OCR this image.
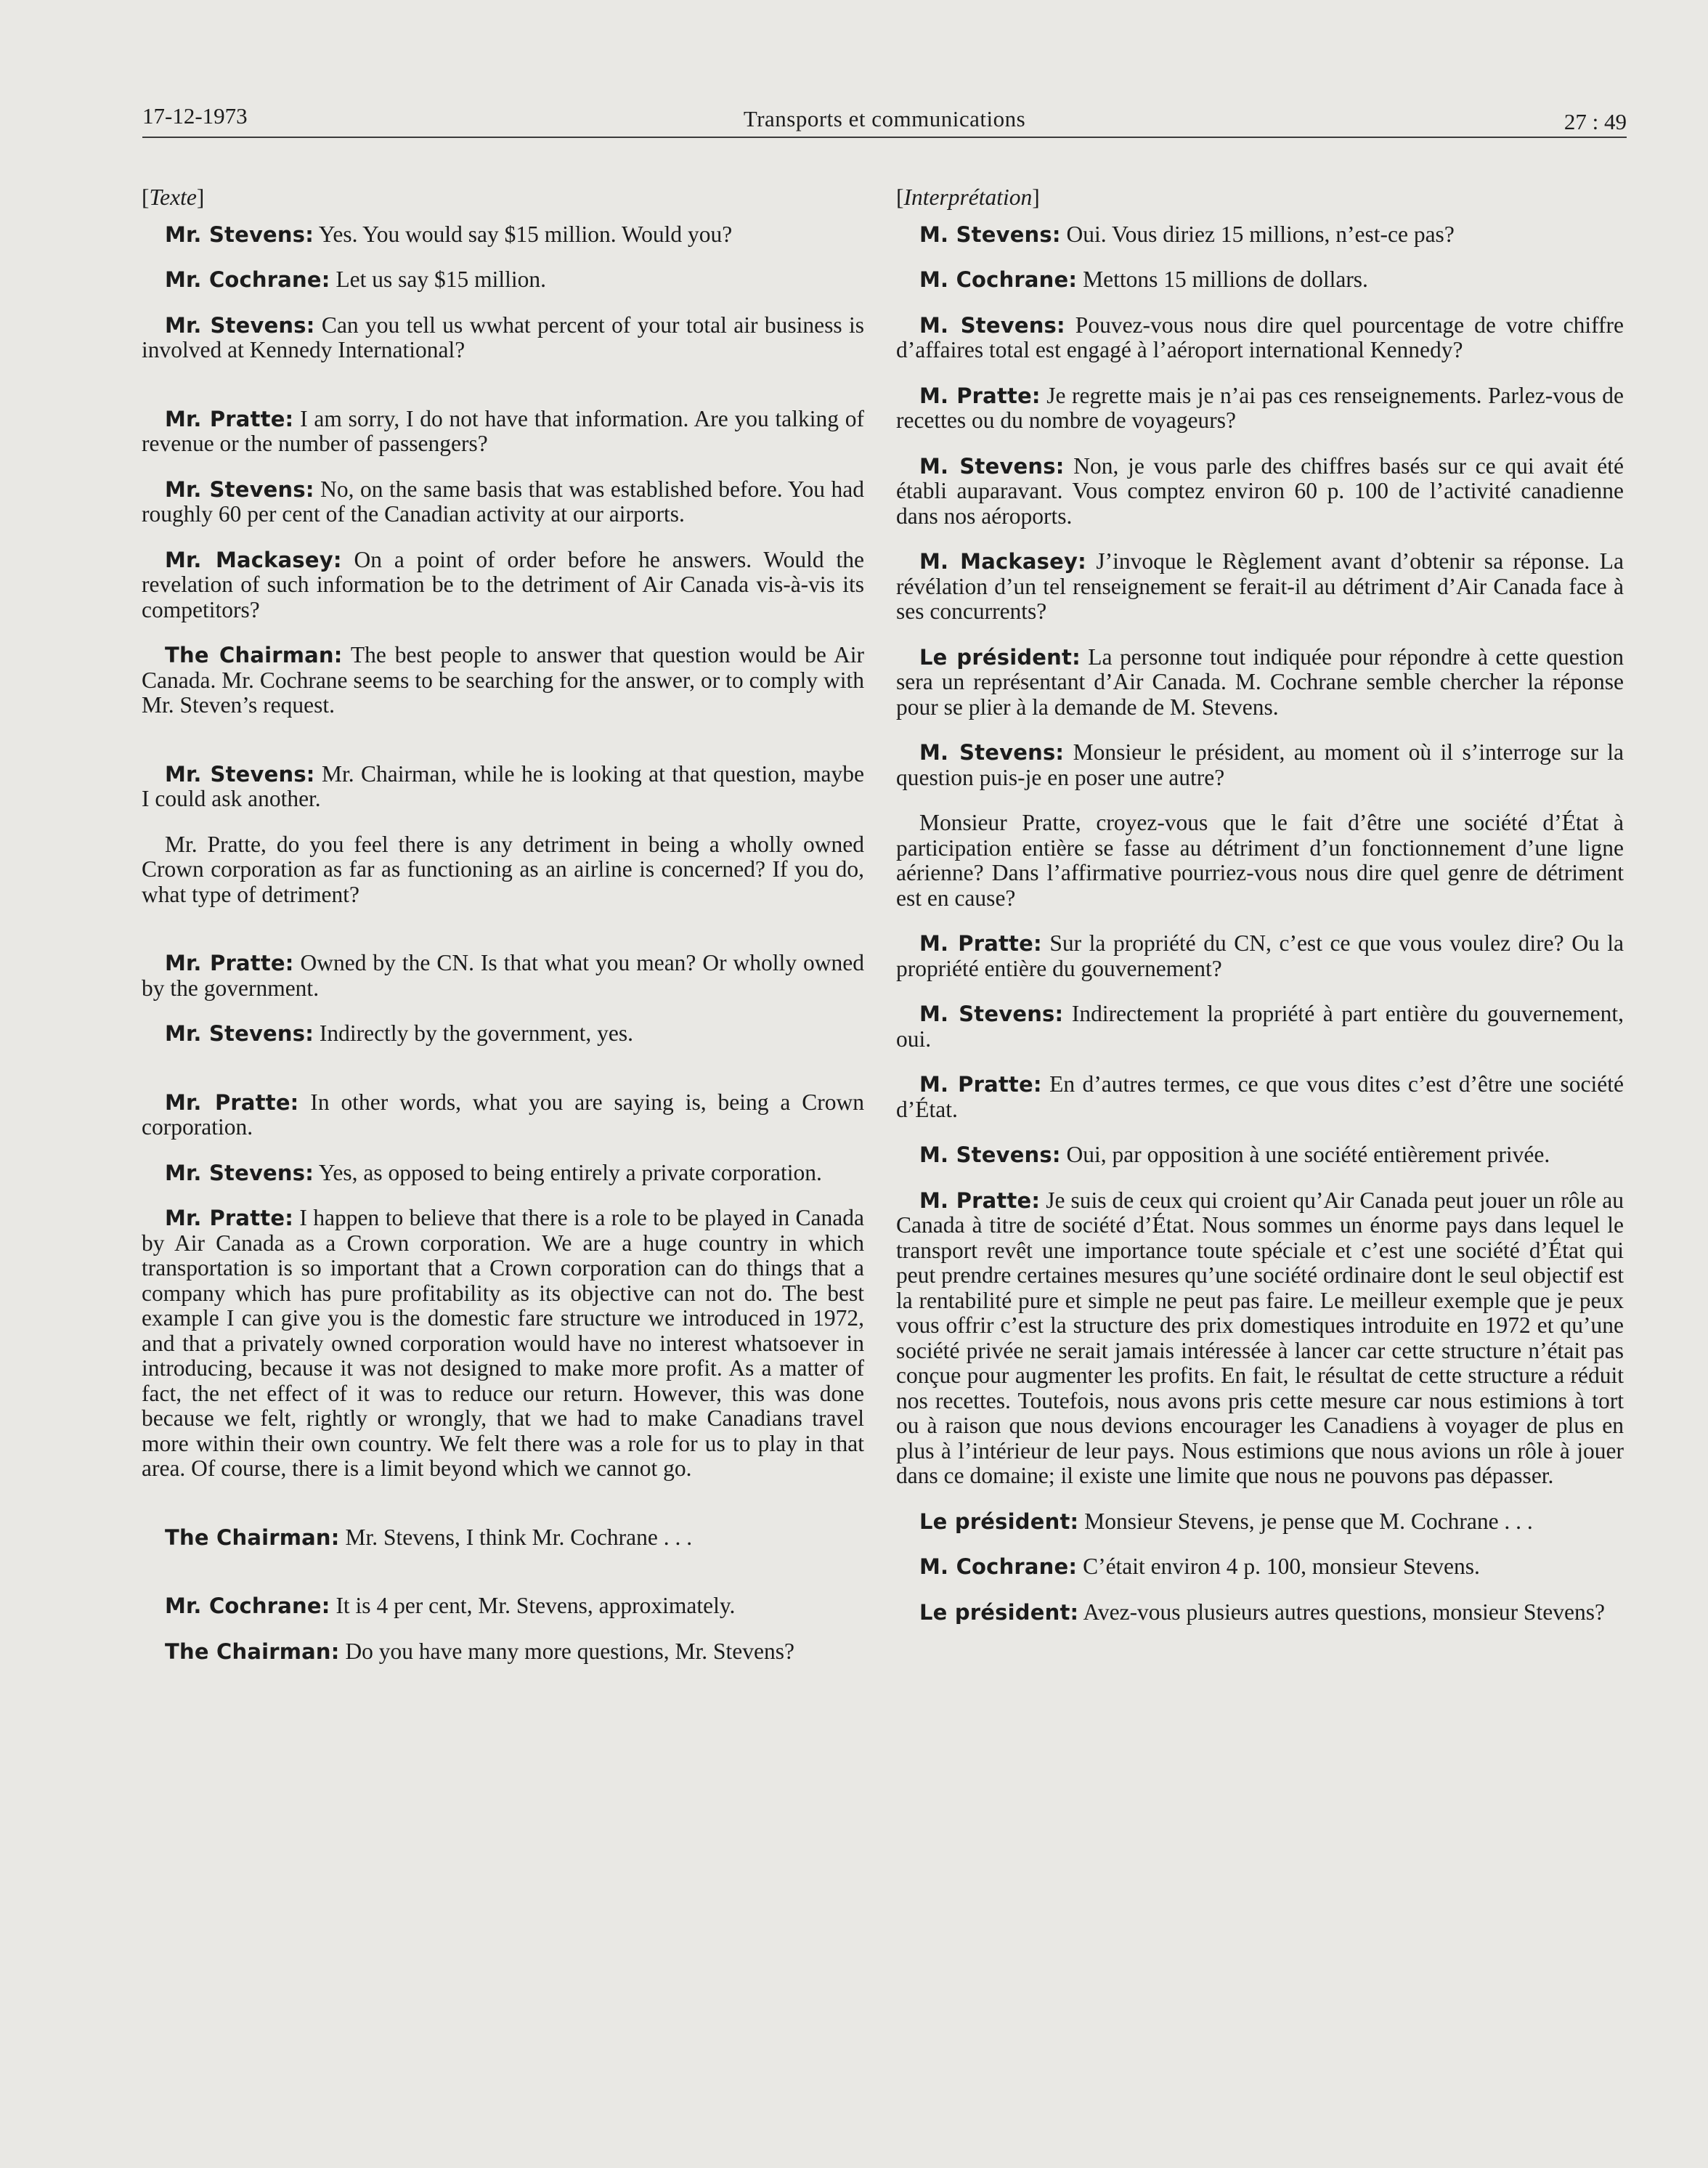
17-12-1973	Transports et communications	27 : 49
[Texte]

Mr. Stevens: Yes. You would say $15 million. Would you?

Mr. Cochrane: Let us say $15 million.

Mr. Stevens: Can you tell us wwhat percent of your total air business is involved at Kennedy International?

Mr. Pratte: I am sorry, I do not have that information. Are you talking of revenue or the number of passengers?

Mr. Stevens: No, on the same basis that was established before. You had roughly 60 per cent of the Canadian activity at our airports.

Mr. Mackasey: On a point of order before he answers. Would the revelation of such information be to the detriment of Air Canada vis-à-vis its competitors?

The Chairman: The best people to answer that question would be Air Canada. Mr. Cochrane seems to be searching for the answer, or to comply with Mr. Steven’s request.

Mr. Stevens: Mr. Chairman, while he is looking at that question, maybe I could ask another.

Mr. Pratte, do you feel there is any detriment in being a wholly owned Crown corporation as far as functioning as an airline is concerned? If you do, what type of detriment?

Mr. Pratte: Owned by the CN. Is that what you mean? Or wholly owned by the government.

Mr. Stevens: Indirectly by the government, yes.

Mr. Pratte: In other words, what you are saying is, being a Crown corporation.

Mr. Stevens: Yes, as opposed to being entirely a private corporation.

Mr. Pratte: I happen to believe that there is a role to be played in Canada by Air Canada as a Crown corporation. We are a huge country in which transportation is so important that a Crown corporation can do things that a company which has pure profitability as its objective can not do. The best example I can give you is the domestic fare structure we introduced in 1972, and that a privately owned corporation would have no interest whatsoever in introducing, because it was not designed to make more profit. As a matter of fact, the net effect of it was to reduce our return. However, this was done because we felt, rightly or wrongly, that we had to make Canadians travel more within their own country. We felt there was a role for us to play in that area. Of course, there is a limit beyond which we cannot go.

The Chairman: Mr. Stevens, I think Mr. Cochrane . . .

Mr. Cochrane: It is 4 per cent, Mr. Stevens, approximately.

The Chairman: Do you have many more questions, Mr. Stevens?

[Interprétation]

M. Stevens: Oui. Vous diriez 15 millions, n’est-ce pas?

M. Cochrane: Mettons 15 millions de dollars.

M. Stevens: Pouvez-vous nous dire quel pourcentage de votre chiffre d’affaires total est engagé à l’aéroport international Kennedy?

M. Pratte: Je regrette mais je n’ai pas ces renseignements. Parlez-vous de recettes ou du nombre de voyageurs?

M. Stevens: Non, je vous parle des chiffres basés sur ce qui avait été établi auparavant. Vous comptez environ 60 p. 100 de l’activité canadienne dans nos aéroports.

M. Mackasey: J’invoque le Règlement avant d’obtenir sa réponse. La révélation d’un tel renseignement se ferait-il au détriment d’Air Canada face à ses concurrents?

Le président: La personne tout indiquée pour répondre à cette question sera un représentant d’Air Canada. M. Cochrane semble chercher la réponse pour se plier à la demande de M. Stevens.

M. Stevens: Monsieur le président, au moment où il s’interroge sur la question puis-je en poser une autre?

Monsieur Pratte, croyez-vous que le fait d’être une société d’État à participation entière se fasse au détriment d’un fonctionnement d’une ligne aérienne? Dans l’affirmative pourriez-vous nous dire quel genre de détriment est en cause?

M. Pratte: Sur la propriété du CN, c’est ce que vous voulez dire? Ou la propriété entière du gouvernement?

M. Stevens: Indirectement la propriété à part entière du gouvernement, oui.

M. Pratte: En d’autres termes, ce que vous dites c’est d’être une société d’État.

M. Stevens: Oui, par opposition à une société entièrement privée.

M. Pratte: Je suis de ceux qui croient qu’Air Canada peut jouer un rôle au Canada à titre de société d’État. Nous sommes un énorme pays dans lequel le transport revêt une importance toute spéciale et c’est une société d’État qui peut prendre certaines mesures qu’une société ordinaire dont le seul objectif est la rentabilité pure et simple ne peut pas faire. Le meilleur exemple que je peux vous offrir c’est la structure des prix domestiques introduite en 1972 et qu’une société privée ne serait jamais intéressée à lancer car cette structure n’était pas conçue pour augmenter les profits. En fait, le résultat de cette structure a réduit nos recettes. Toutefois, nous avons pris cette mesure car nous estimions à tort ou à raison que nous devions encourager les Canadiens à voyager de plus en plus à l’intérieur de leur pays. Nous estimions que nous avions un rôle à jouer dans ce domaine; il existe une limite que nous ne pouvons pas dépasser.

Le président: Monsieur Stevens, je pense que M. Cochrane . . .

M. Cochrane: C’était environ 4 p. 100, monsieur Stevens.

Le président: Avez-vous plusieurs autres questions, monsieur Stevens?
